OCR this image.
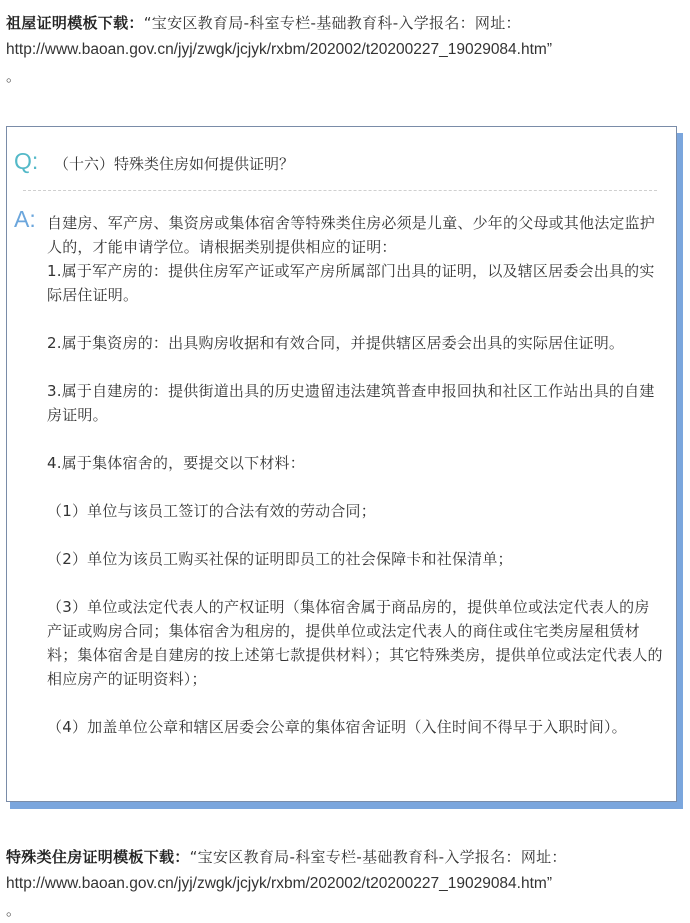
祖屋证明模板下载：“宝安区教育局-科室专栏-基础教育科-入学报名：网址：
http://www.baoan.gov.cn/jyj/zwgk/jcjyk/rxbm/202002/t20200227_19029084.htm”
。
Q: （十六）特殊类住房如何提供证明？
A: 自建房、军产房、集资房或集体宿舍等特殊类住房必须是儿童、少年的父母或其他法定监护人的，才能申请学位。请根据类别提供相应的证明：

1.属于军产房的：提供住房军产证或军产房所属部门出具的证明，以及辖区居委会出具的实际居住证明。

2.属于集资房的：出具购房收据和有效合同，并提供辖区居委会出具的实际居住证明。

3.属于自建房的：提供街道出具的历史遗留违法建筑普查申报回执和社区工作站出具的自建房证明。

4.属于集体宿舍的，要提交以下材料：

（1）单位与该员工签订的合法有效的劳动合同；

（2）单位为该员工购买社保的证明即员工的社会保障卡和社保清单；

（3）单位或法定代表人的产权证明（集体宿舍属于商品房的，提供单位或法定代表人的房产证或购房合同；集体宿舍为租房的，提供单位或法定代表人的商住或住宅类房屋租赁材料；集体宿舍是自建房的按上述第七款提供材料）；其它特殊类房，提供单位或法定代表人的相应房产的证明资料）；

（4）加盖单位公章和辖区居委会公章的集体宿舍证明（入住时间不得早于入职时间）。

特殊类住房证明模板下载：“宝安区教育局-科室专栏-基础教育科-入学报名：网址：
http://www.baoan.gov.cn/jyj/zwgk/jcjyk/rxbm/202002/t20200227_19029084.htm”
。
